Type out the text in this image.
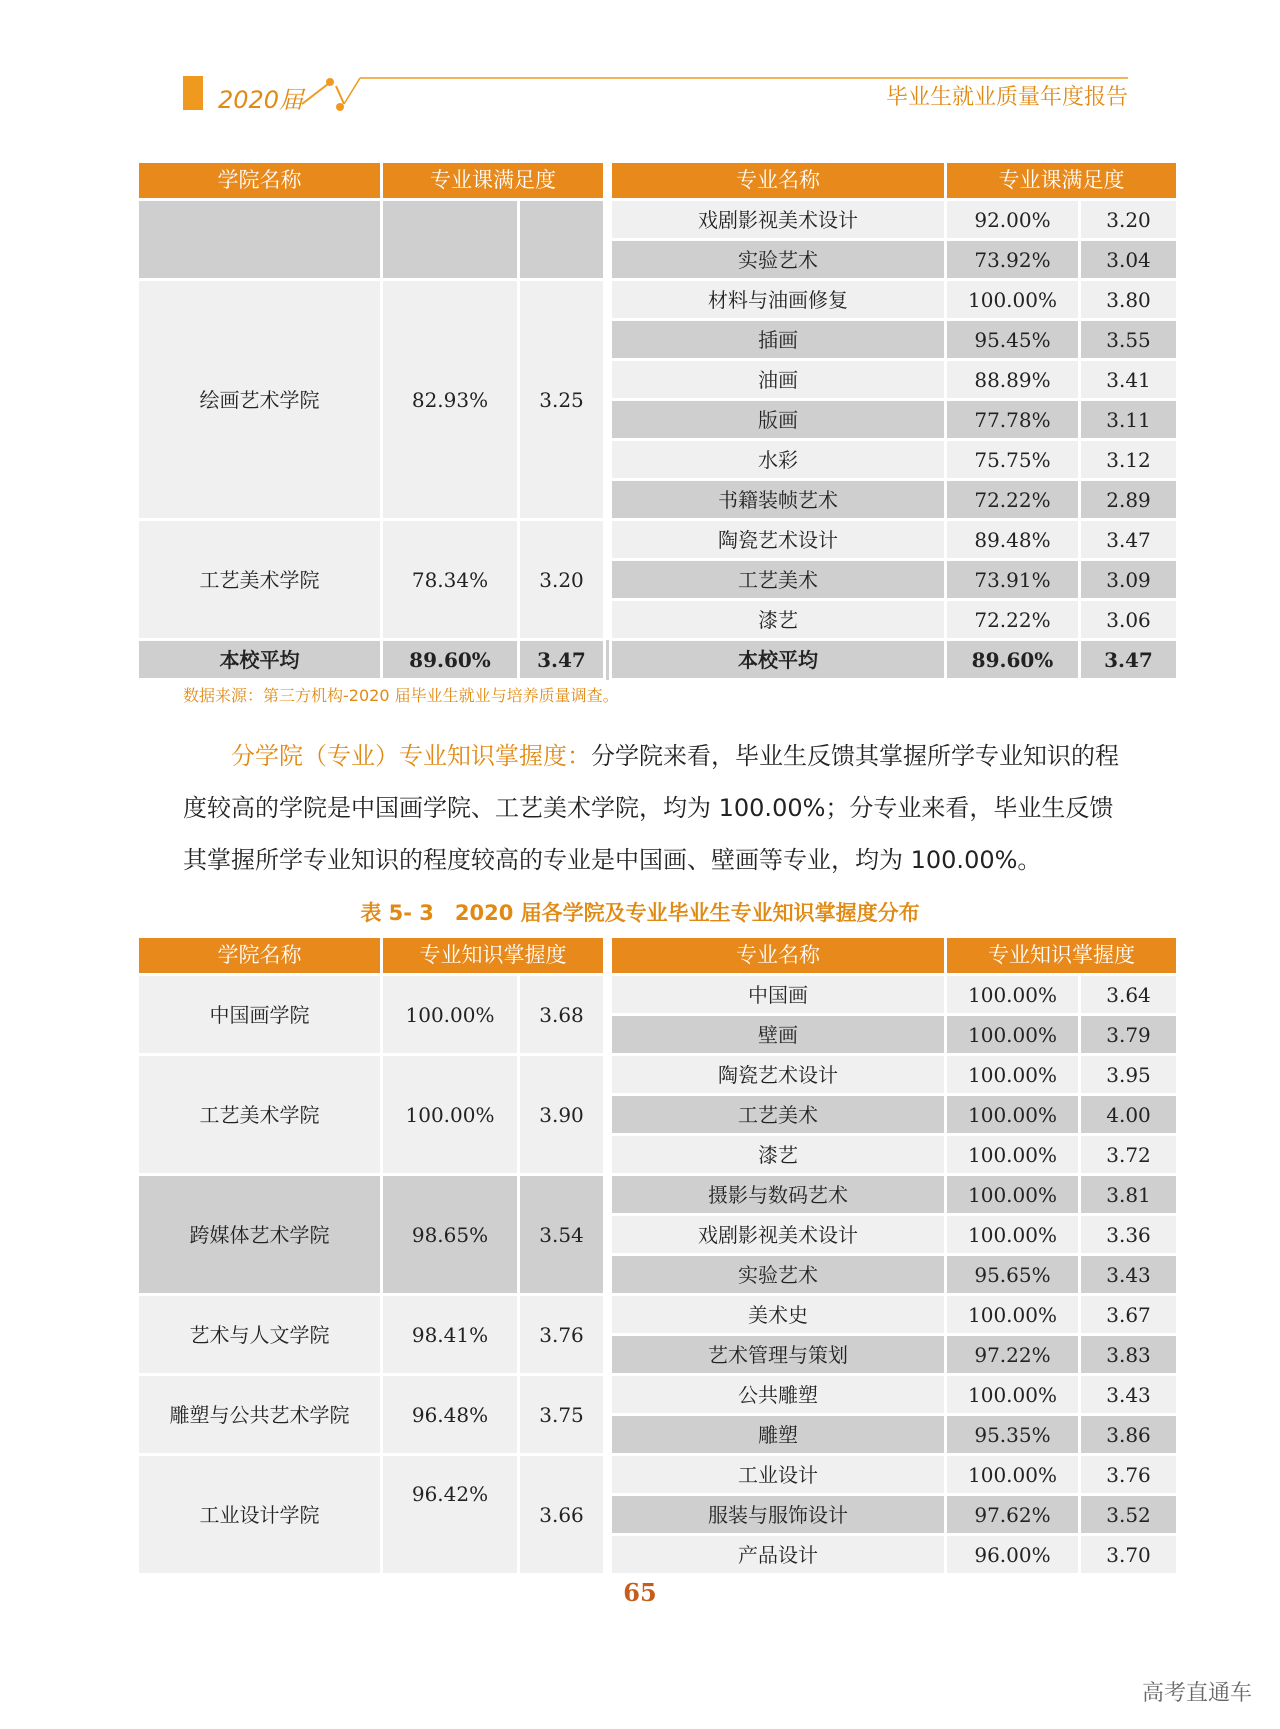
2020届	毕业生就业质量年度报告
学院名称	专业课满足度			专业名称	专业课满足度	
				戏剧影视美术设计	92.00%	3.20
				实验艺术	73.92%	3.04
绘画艺术学院	82.93%	3.25		材料与油画修复	100.00%	3.80
				插画	95.45%	3.55
				油画	88.89%	3.41
				版画	77.78%	3.11
				水彩	75.75%	3.12
				书籍装帧艺术	72.22%	2.89
工艺美术学院	78.34%	3.20		陶瓷艺术设计	89.48%	3.47
				工艺美术	73.91%	3.09
				漆艺	72.22%	3.06
本校平均	89.60%	3.47		本校平均	89.60%	3.47
数据来源：第三方机构-2020 届毕业生就业与培养质量调查。
分学院（专业）专业知识掌握度：分学院来看，毕业生反馈其掌握所学专业知识的程度较高的学院是中国画学院、工艺美术学院，均为 100.00%；分专业来看，毕业生反馈其掌握所学专业知识的程度较高的专业是中国画、壁画等专业，均为 100.00%。
表 5- 3　2020 届各学院及专业毕业生专业知识掌握度分布
学院名称	专业知识掌握度			专业名称	专业知识掌握度	
中国画学院	100.00%	3.68		中国画	100.00%	3.64
				壁画	100.00%	3.79
工艺美术学院	100.00%	3.90		陶瓷艺术设计	100.00%	3.95
				工艺美术	100.00%	4.00
				漆艺	100.00%	3.72
跨媒体艺术学院	98.65%	3.54		摄影与数码艺术	100.00%	3.81
				戏剧影视美术设计	100.00%	3.36
				实验艺术	95.65%	3.43
艺术与人文学院	98.41%	3.76		美术史	100.00%	3.67
				艺术管理与策划	97.22%	3.83
雕塑与公共艺术学院	96.48%	3.75		公共雕塑	100.00%	3.43
				雕塑	95.35%	3.86
工业设计学院	96.42%	3.66		工业设计	100.00%	3.76
				服装与服饰设计	97.62%	3.52
				产品设计	96.00%	3.70
65
高考直通车
